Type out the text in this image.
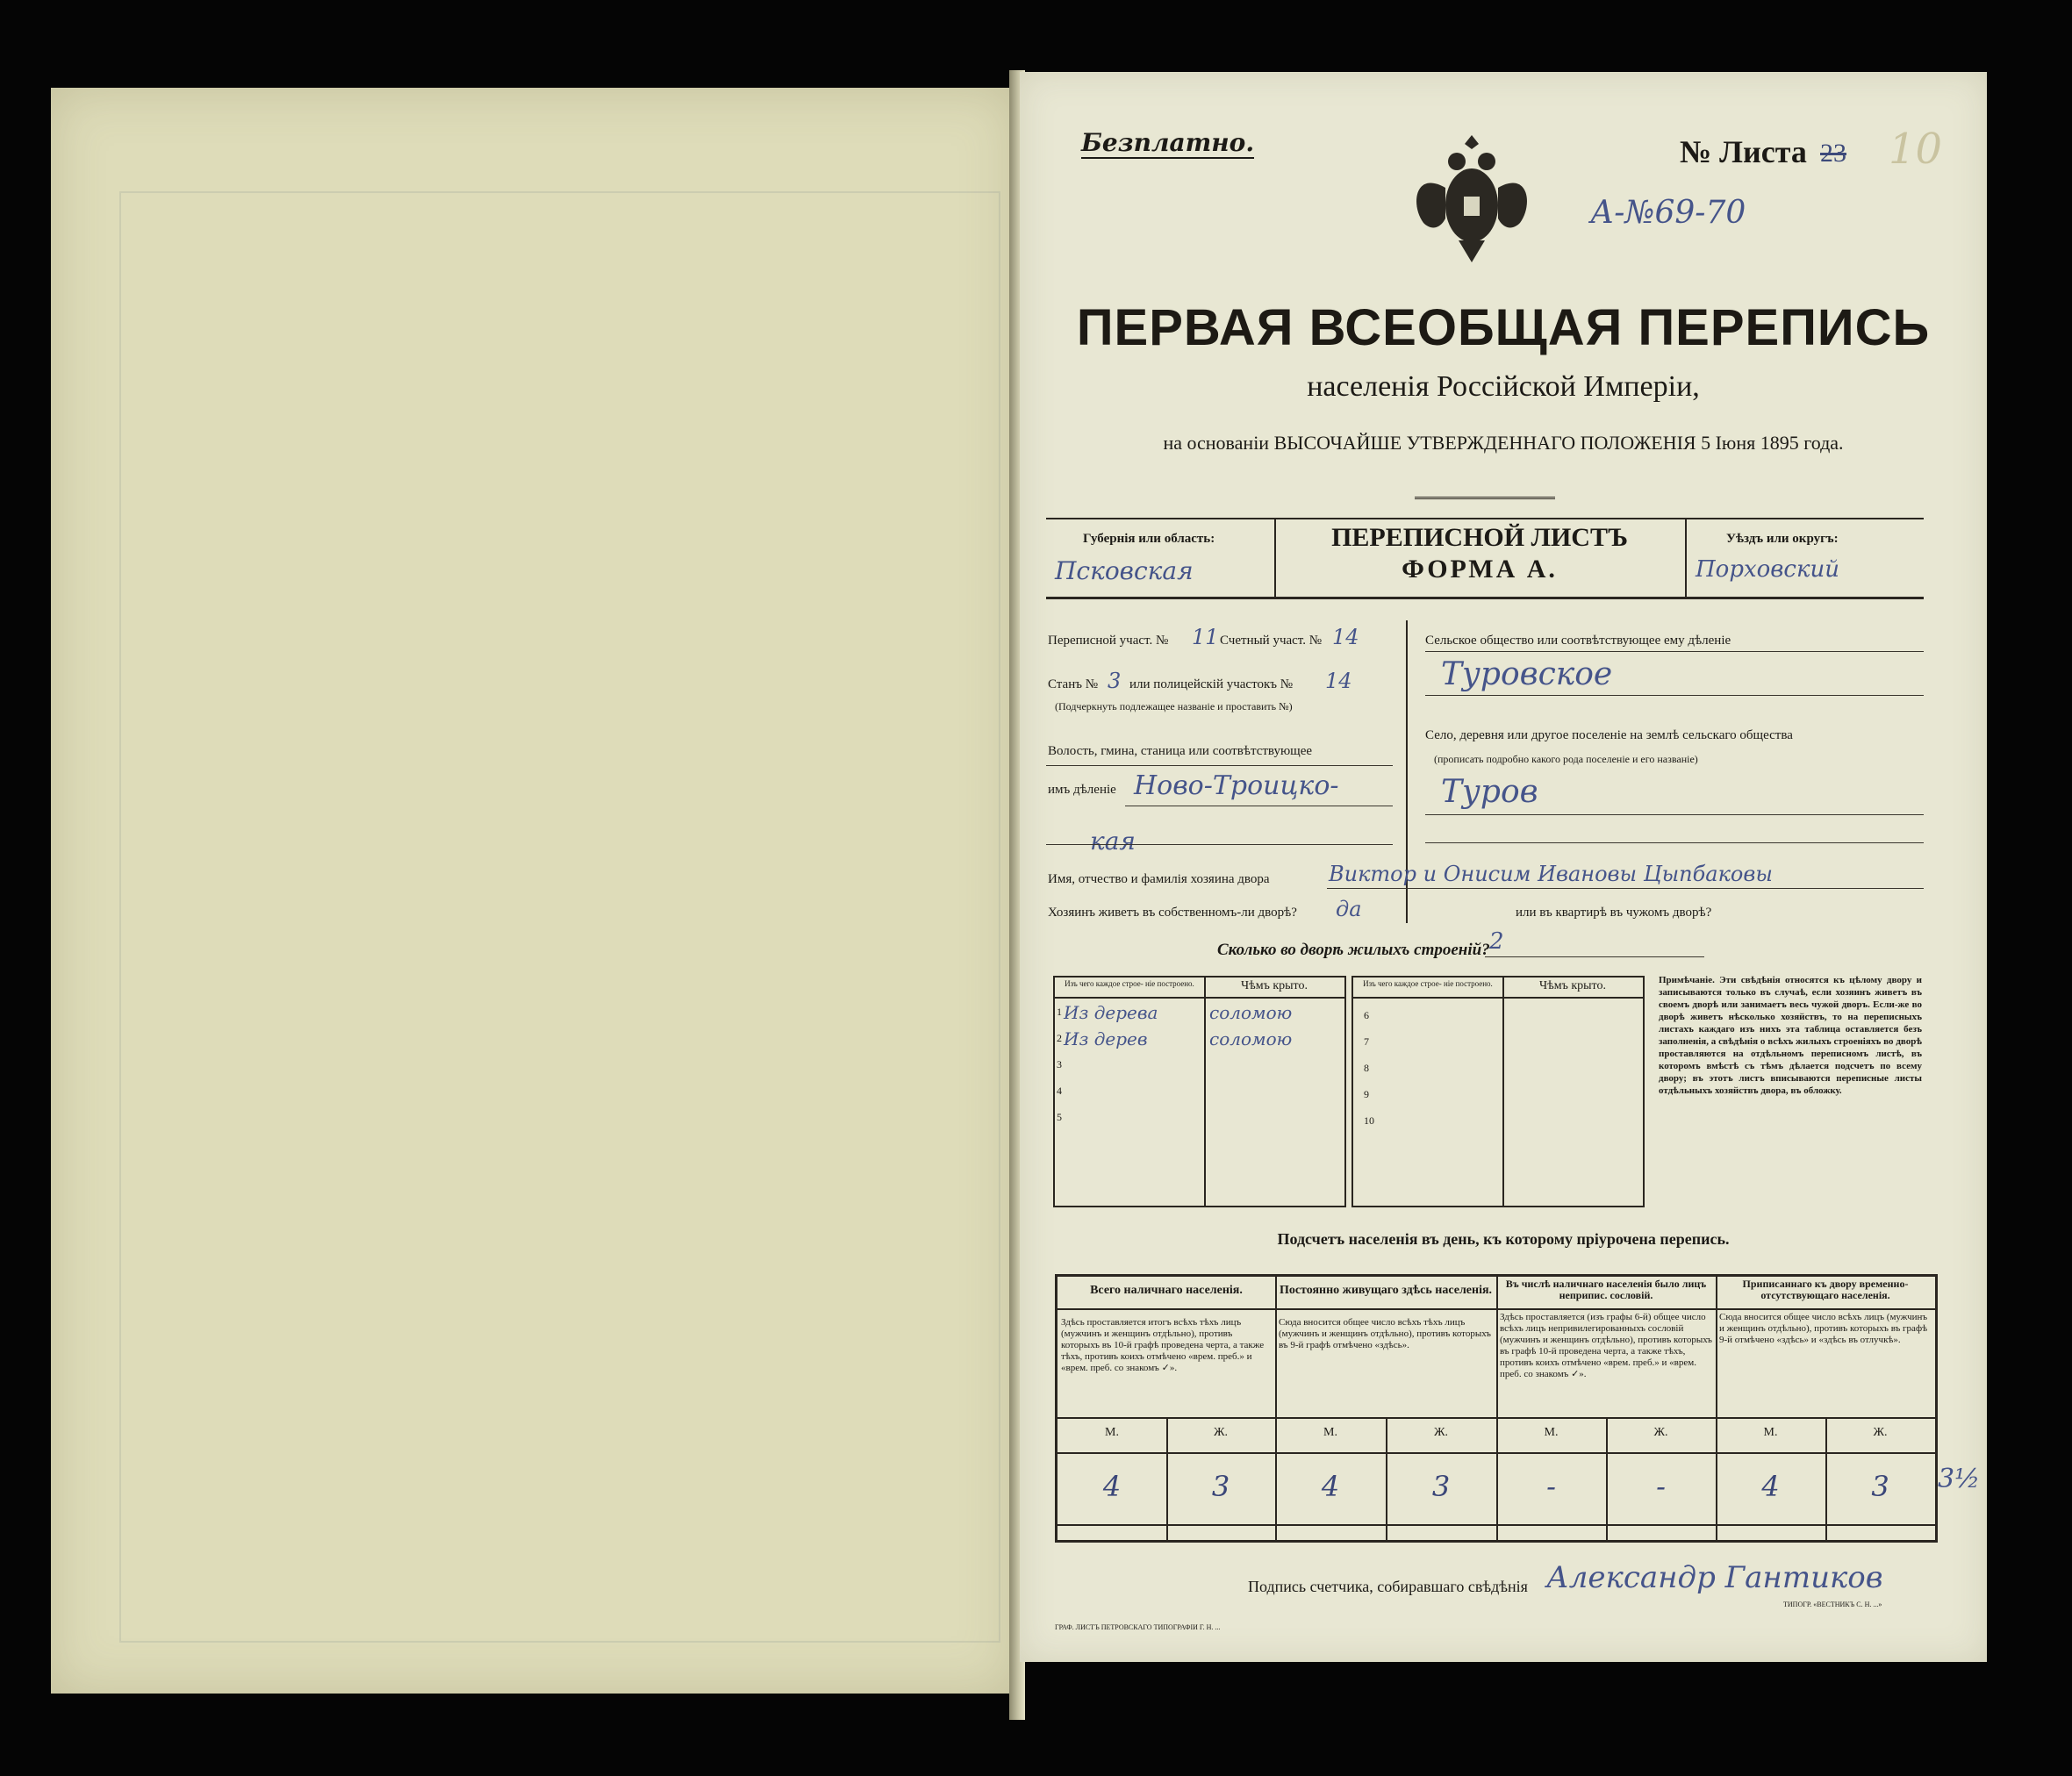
Безплатно.	№ Листа 23 10
А-№69-70
ПЕРВАЯ ВСЕОБЩАЯ ПЕРЕПИСЬ
населенія Россійской Имперіи,
на основаніи ВЫСОЧАЙШЕ УТВЕРЖДЕННАГО ПОЛОЖЕНІЯ 5 Іюня 1895 года.
Губернія или область:
Псковская
ПЕРЕПИСНОЙ ЛИСТЪ
ФОРМА А.
Уѣздъ или округъ:
Порховский
Переписной участ. № 11 Счетный участ. № 14
Станъ № 3 или полицейскій участокъ № 14
(Подчеркнуть подлежащее названіе и проставить №)
Волость, гмина, станица или соотвѣтствующее
имъ дѣленіе Ново-Троицко-
кая
Сельское общество или соотвѣтствующее ему дѣленіе
Туровское
Село, деревня или другое поселеніе на землѣ сельскаго общества
(прописать подробно какого рода поселеніе и его названіе)
Туров
Имя, отчество и фамилія хозяина двора	Виктор и Онисим Ивановы Цыпбаковы
Хозяинъ живетъ въ собственномъ-ли дворѣ? да	или въ квартирѣ въ чужомъ дворѣ?
Сколько во дворѣ жилыхъ строеній? 2
Изъ чего каждое строе- ніе построено.	Чѣмъ крыто.
1 Из дерева	соломою
2 Из дерев	соломою
3
4
5
Изъ чего каждое строе- ніе построено.	Чѣмъ крыто.
6
7
8
9
10
Примѣчаніе. Эти свѣдѣнія относятся къ цѣлому двору и записываются только въ случаѣ, если хозяинъ живетъ въ своемъ дворѣ или занимаетъ весь чужой дворъ. Если-же во дворѣ живетъ нѣсколько хозяйствъ, то на переписныхъ листахъ каждаго изъ нихъ эта таблица оставляется безъ заполненія, а свѣдѣнія о всѣхъ жилыхъ строеніяхъ во дворѣ проставляются на отдѣльномъ переписномъ листѣ, въ которомъ вмѣстѣ съ тѣмъ дѣлается подсчетъ по всему двору; въ этотъ листъ вписываются переписные листы отдѣльныхъ хозяйствъ двора, въ обложку.
Подсчетъ населенія въ день, къ которому пріурочена перепись.
Всего наличнаго населенія.
Здѣсь проставляется итогъ всѣхъ тѣхъ лицъ (мужчинъ и женщинъ отдѣльно), противъ которыхъ въ 10-й графѣ проведена черта, а также тѣхъ, противъ коихъ отмѣчено «врем. преб.» и «врем. преб. со знакомъ ✓».
Постоянно живущаго здѣсь населенія.
Сюда вносится общее число всѣхъ тѣхъ лицъ (мужчинъ и женщинъ отдѣльно), противъ которыхъ въ 9-й графѣ отмѣчено «здѣсь».
Въ числѣ наличнаго населенія было лицъ неприпис. сословій.
Здѣсь проставляется (изъ графы 6-й) общее число всѣхъ лицъ непривилегированныхъ сословій (мужчинъ и женщинъ отдѣльно), противъ которыхъ въ графѣ 10-й проведена черта, а также тѣхъ, противъ коихъ отмѣчено «врем. преб.» и «врем. преб. со знакомъ ✓».
Приписаннаго къ двору временно-отсутствующаго населенія.
Сюда вносится общее число всѣхъ лицъ (мужчинъ и женщинъ отдѣльно), противъ которыхъ въ графѣ 9-й отмѣчено «здѣсь» и «здѣсь въ отлучкѣ».
М.	Ж.	М.	Ж.	М.	Ж.	М.	Ж.
4	3	4	3	-	-	4	3	3½
Подпись счетчика, собиравшаго свѣдѣнія Александр Гантиков
ГРАФ. ЛИСТЪ ПЕТРОВСКАГО ТИПОГРАФІИ Г. Н. ...
ТИПОГР. «ВЕСТНИКЪ С. Н. ...»
